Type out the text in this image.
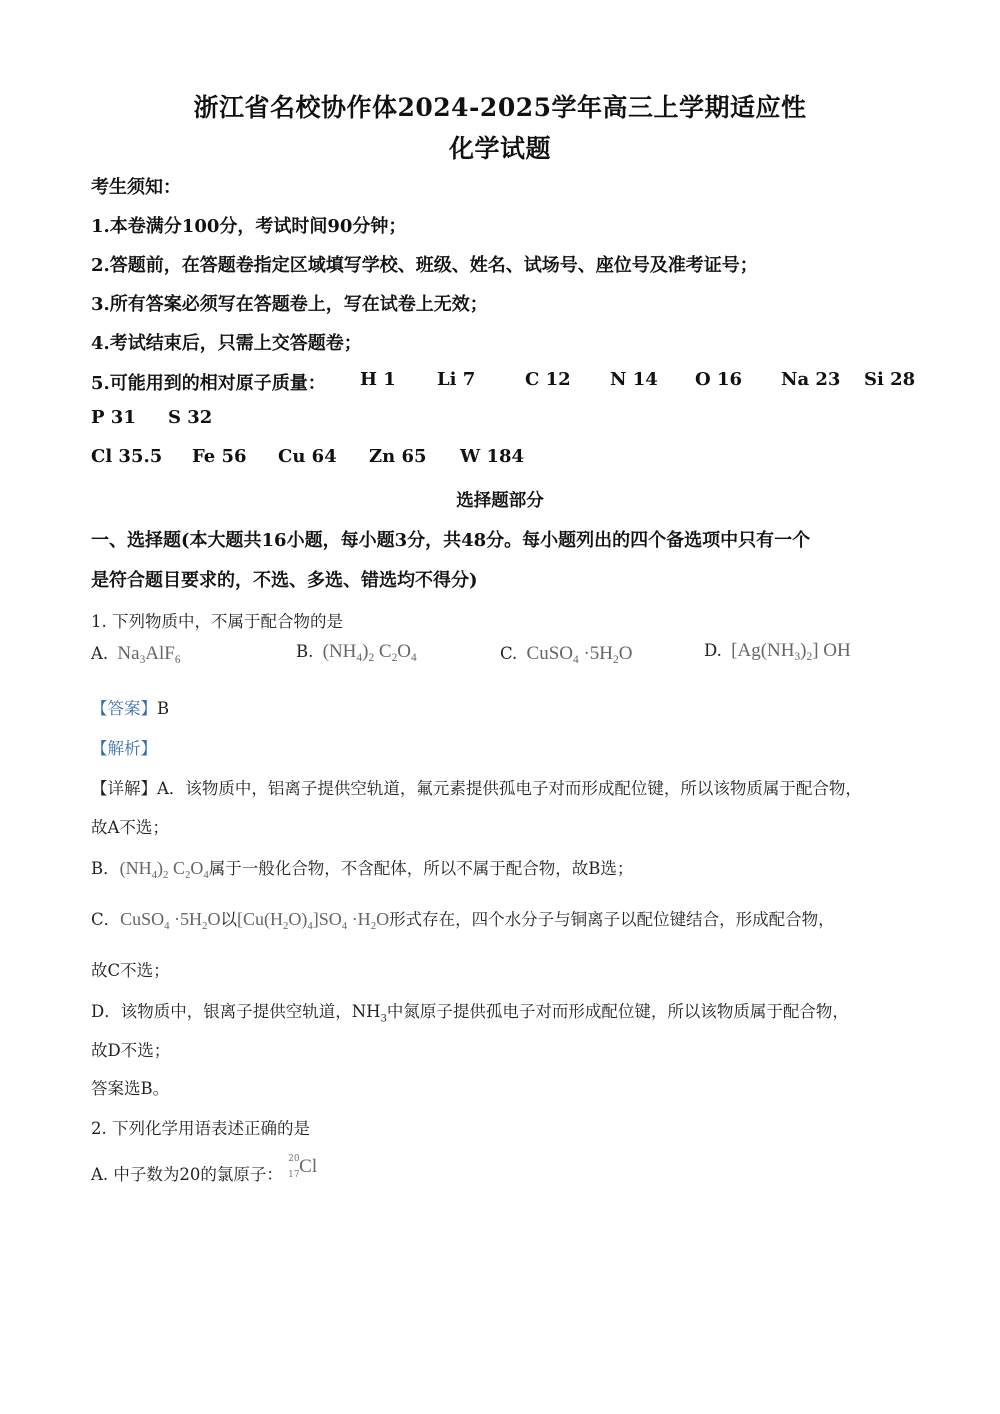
浙江省名校协作体2024-2025学年高三上学期适应性
化学试题
考生须知：
1.本卷满分100分，考试时间90分钟；
2.答题前，在答题卷指定区域填写学校、班级、姓名、试场号、座位号及准考证号；
3.所有答案必须写在答题卷上，写在试卷上无效；
4.考试结束后，只需上交答题卷；
5.可能用到的相对原子质量： H 1 Li 7	C 12 N 14 O 16 Na 23 Si 28
P 31 S 32
Cl 35.5 Fe 56 Cu 64 Zn 65 W 184
选择题部分
一、选择题(本大题共16小题，每小题3分，共48分。每小题列出的四个备选项中只有一个
是符合题目要求的，不选、多选、错选均不得分)
1. 下列物质中，不属于配合物的是
A. $Na_3AlF_6$	B. $(NH_4)_2$ $C_2O_4$	C. CuSO$_4$ $\cdot 5H_2O$	D. $[Ag(NH_3)_2]$ OH
【答案】B
【解析】
【详解】A．该物质中，铝离子提供空轨道，氟元素提供孤电子对而形成配位键，所以该物质属于配合物，
故A不选；
B．$(NH_4)_2$ $C_2O_4$属于一般化合物，不含配体，所以不属于配合物，故B选；
C．CuSO$_4$ $\cdot 5H_2O$以$[Cu(H_2O)_4]SO_4 \cdot H_2O$形式存在，四个水分子与铜离子以配位键结合，形成配合物，
故C不选；
D．该物质中，银离子提供空轨道，$NH_3$中氮原子提供孤电子对而形成配位键，所以该物质属于配合物，
故D不选；
答案选B。
2. 下列化学用语表述正确的是
A. 中子数为20的氯原子：
20
17 Cl
